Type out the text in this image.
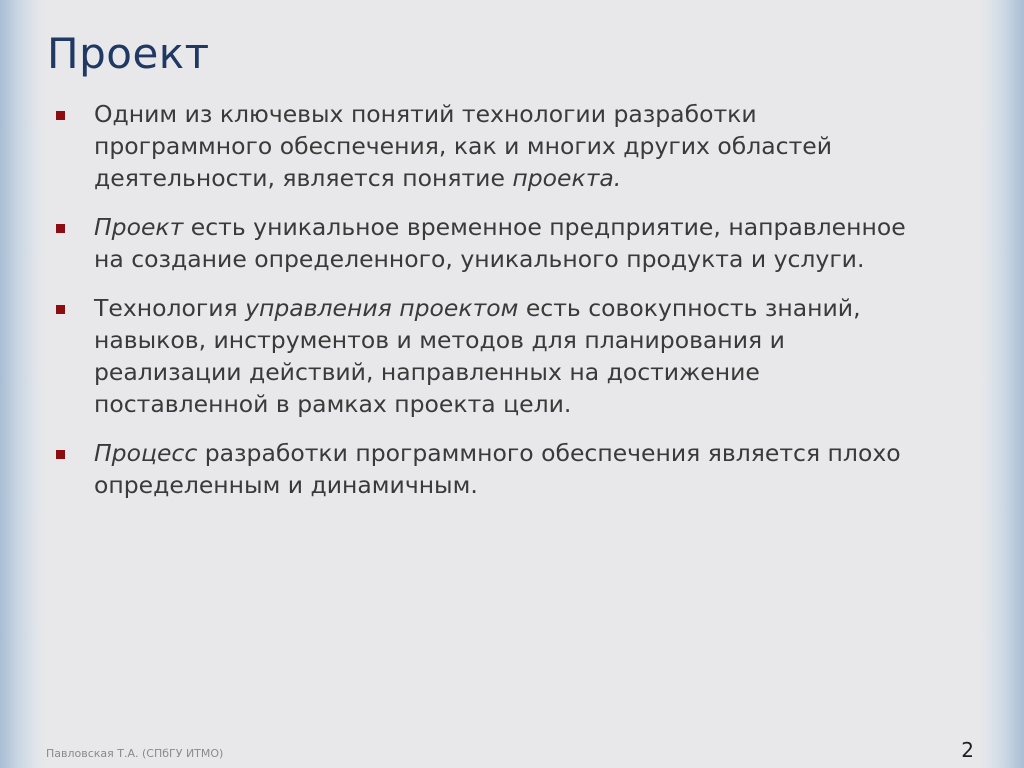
Проект
Одним из ключевых понятий технологии разработки программного обеспечения, как и многих других областей деятельности, является понятие проекта.
Проект есть уникальное временное предприятие, направленное на создание определенного, уникального продукта и услуги.
Технология управления проектом есть совокупность знаний, навыков, инструментов и методов для планирования и реализации действий, направленных на достижение поставленной в рамках проекта цели.
Процесс разработки программного обеспечения является плохо определенным и динамичным.
Павловская Т.А. (СПбГУ ИТМО)	2
